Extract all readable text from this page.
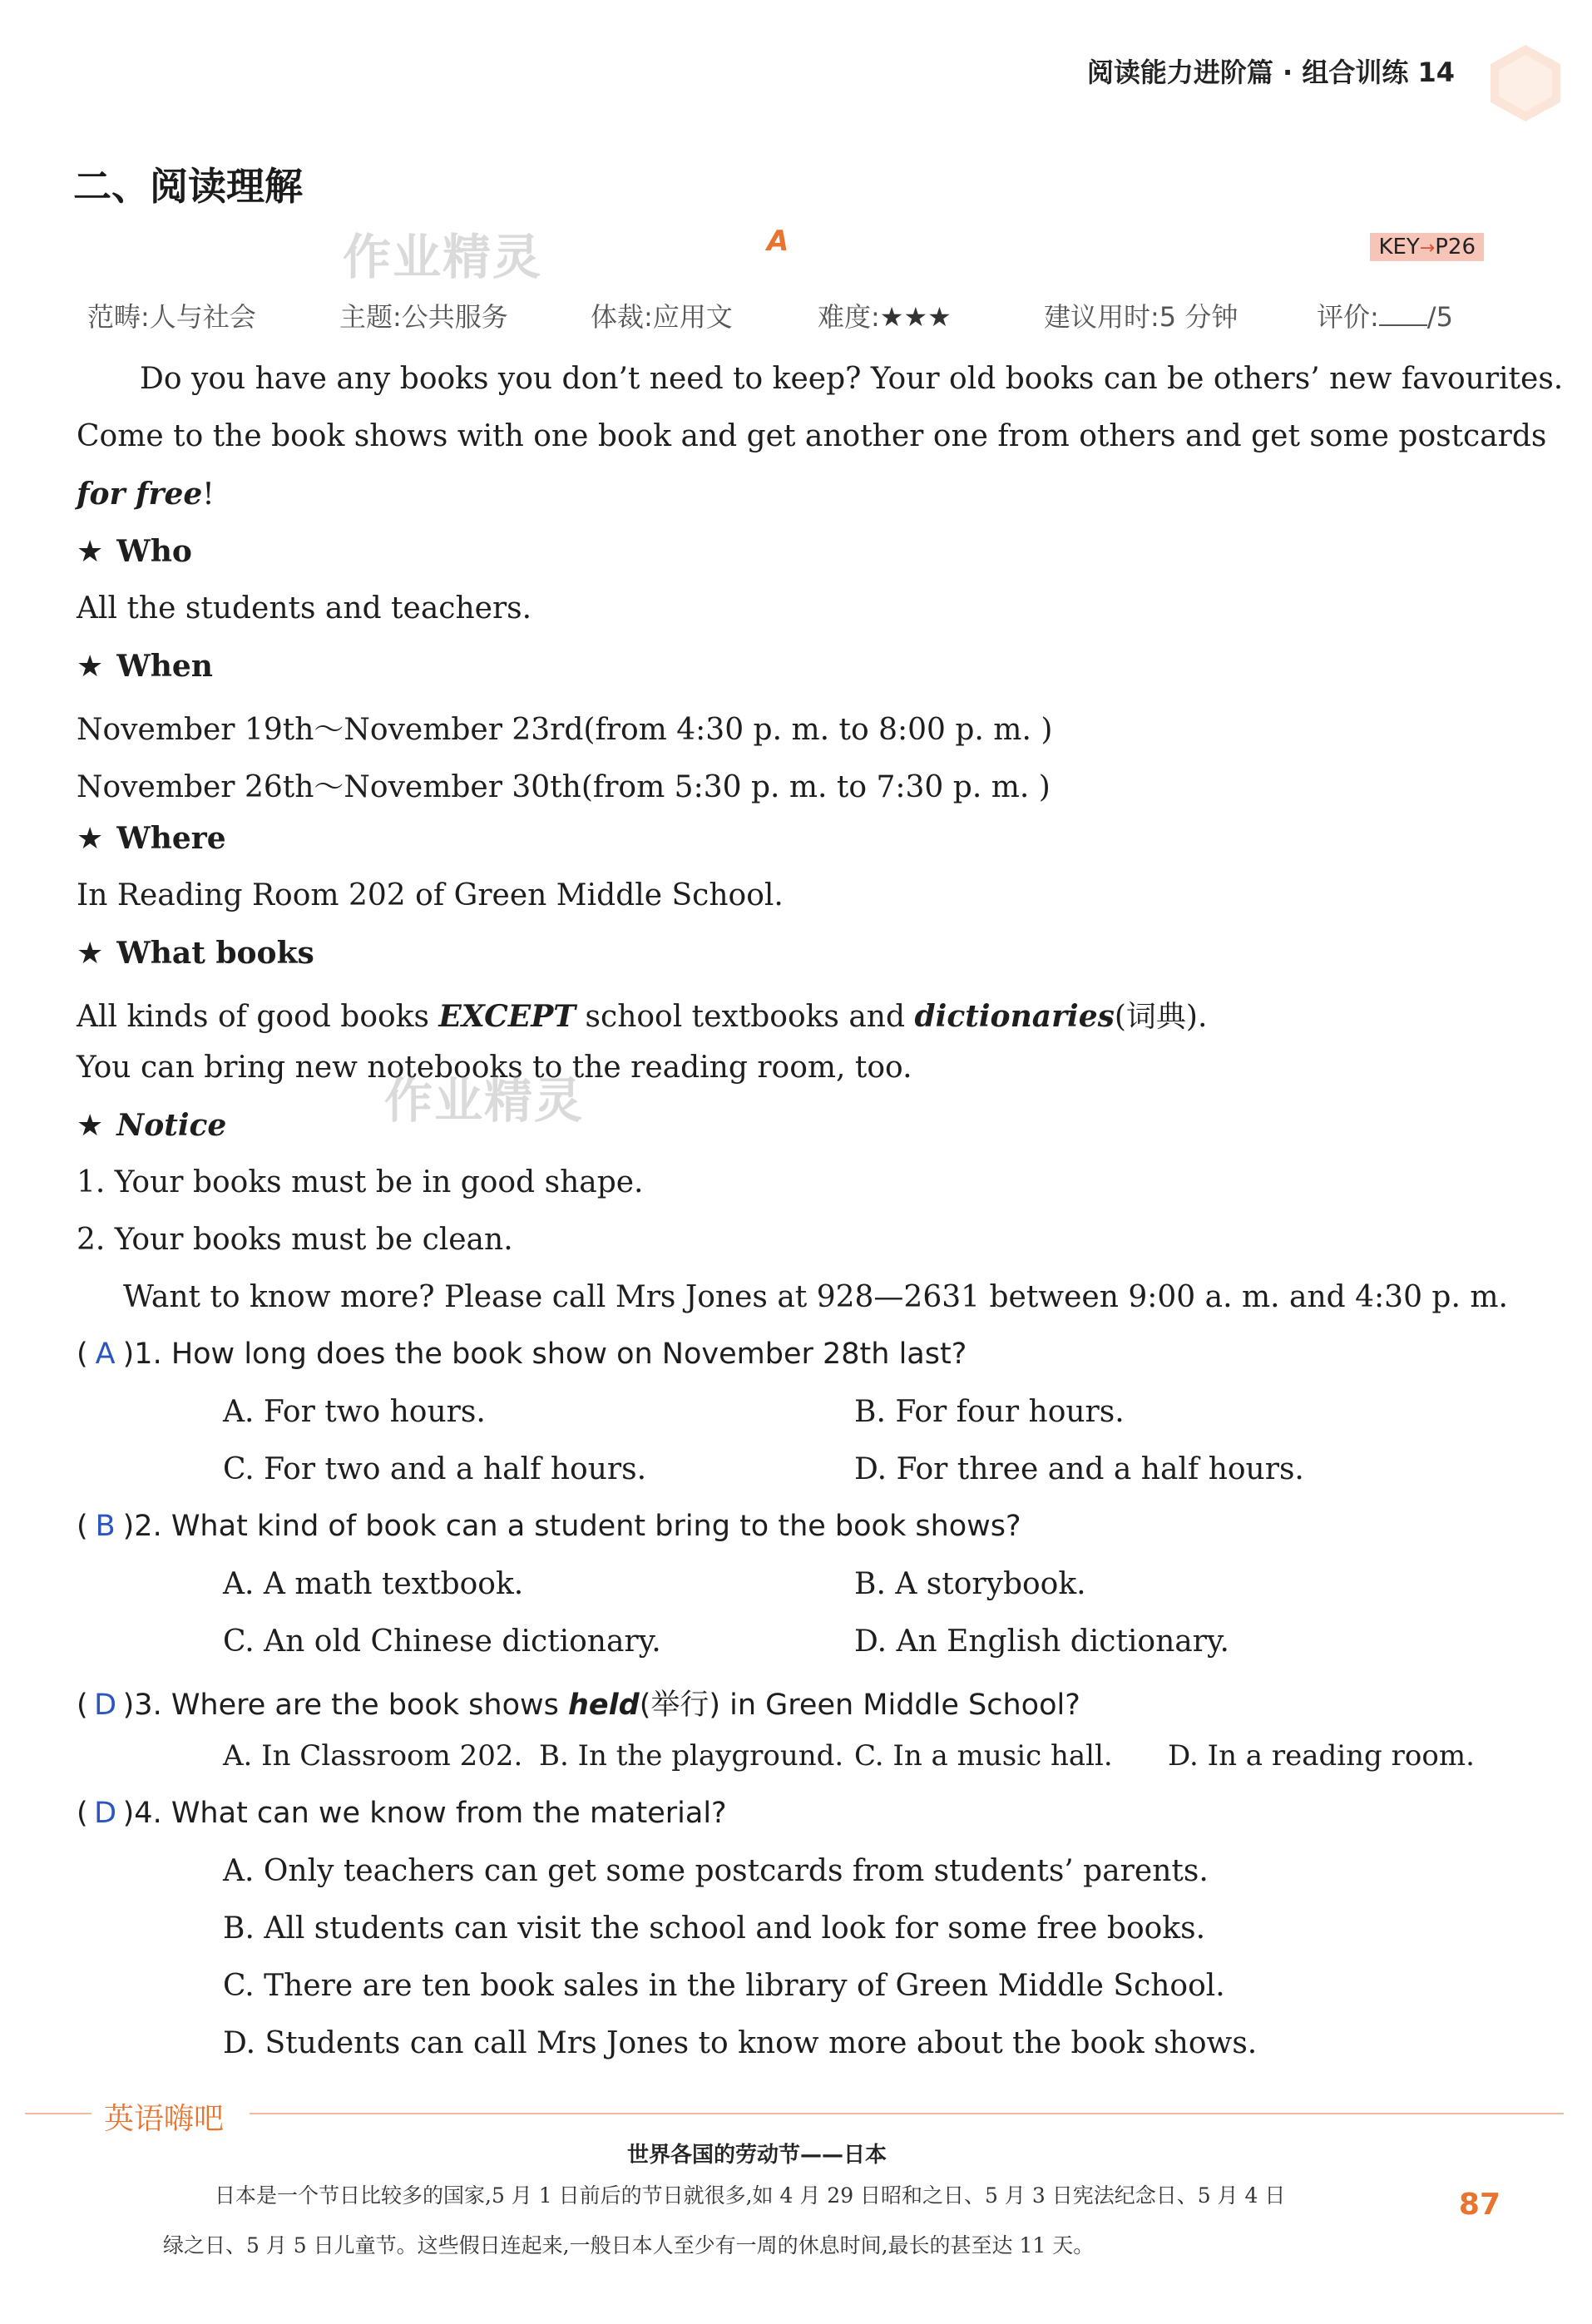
阅读能力进阶篇 · 组合训练 14
二、阅读理解
作业精灵	A	KEY→P26
范畴:人与社会	主题:公共服务	体裁:应用文	难度:★★★	建议用时:5 分钟	评价: /5
Do you have any books you don’t need to keep? Your old books can be others’ new favourites.
Come to the book shows with one book and get another one from others and get some postcards
for free!
★ Who
All the students and teachers.
★ When
November 19th～November 23rd(from 4:30 p. m. to 8:00 p. m. )
November 26th～November 30th(from 5:30 p. m. to 7:30 p. m. )
★ Where
In Reading Room 202 of Green Middle School.
★ What books
All kinds of good books EXCEPT school textbooks and dictionaries(词典).
You can bring new notebooks to the reading room, too.
作业精灵
★ Notice
1. Your books must be in good shape.
2. Your books must be clean.
Want to know more? Please call Mrs Jones at 928—2631 between 9:00 a. m. and 4:30 p. m.
( A )1. How long does the book show on November 28th last?
A. For two hours.	B. For four hours.
C. For two and a half hours.	D. For three and a half hours.
( B )2. What kind of book can a student bring to the book shows?
A. A math textbook.	B. A storybook.
C. An old Chinese dictionary.	D. An English dictionary.
( D )3. Where are the book shows held(举行) in Green Middle School?
A. In Classroom 202. B. In the playground. C. In a music hall. D. In a reading room.
( D )4. What can we know from the material?
A. Only teachers can get some postcards from students’ parents.
B. All students can visit the school and look for some free books.
C. There are ten book sales in the library of Green Middle School.
D. Students can call Mrs Jones to know more about the book shows.
英语嗨吧
世界各国的劳动节——日本
日本是一个节日比较多的国家,5 月 1 日前后的节日就很多,如 4 月 29 日昭和之日、5 月 3 日宪法纪念日、5 月 4 日
绿之日、5 月 5 日儿童节。这些假日连起来,一般日本人至少有一周的休息时间,最长的甚至达 11 天。
87
